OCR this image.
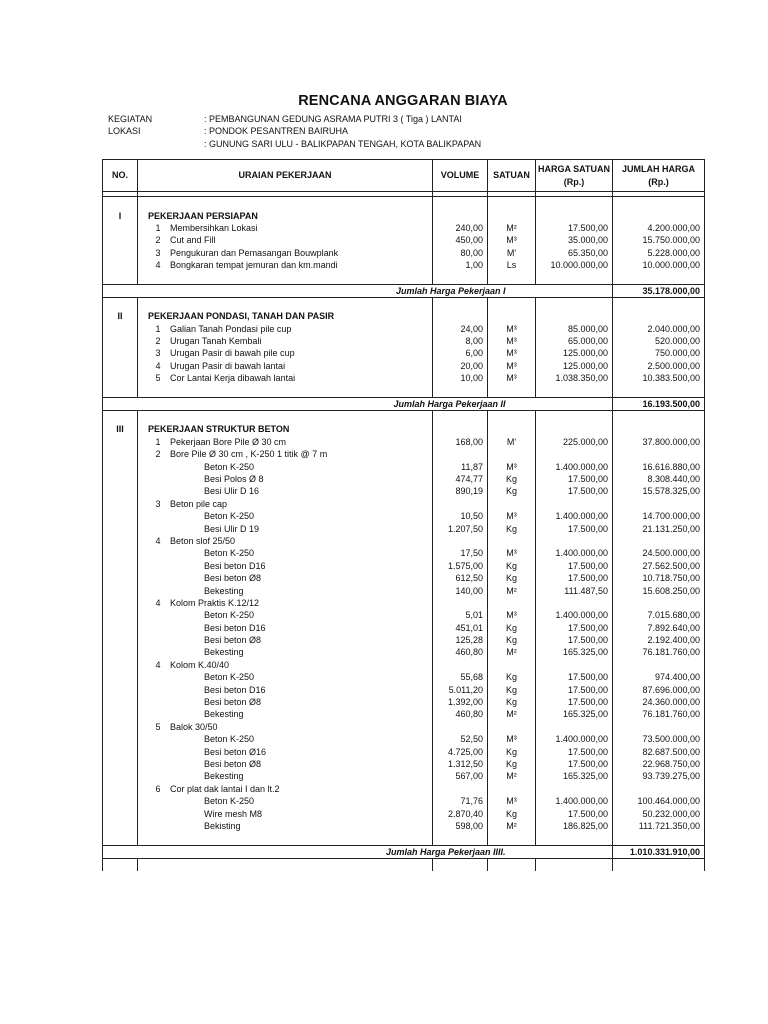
RENCANA ANGGARAN BIAYA
KEGIATAN	: PEMBANGUNAN GEDUNG ASRAMA PUTRI 3 ( Tiga ) LANTAI
LOKASI	: PONDOK PESANTREN BAIRUHA
: GUNUNG SARI ULU - BALIKPAPAN TENGAH, KOTA BALIKPAPAN
NO.	URAIAN PEKERJAAN	VOLUME	SATUAN	HARGA SATUAN (Rp.)	JUMLAH HARGA (Rp.)

I	PEKERJAAN PERSIAPAN				
	1 Membersihkan Lokasi	240,00	M²	17.500,00	4.200.000,00
	2 Cut and Fill	450,00	M³	35.000,00	15.750.000,00
	3 Pengukuran dan Pemasangan Bouwplank	80,00	M'	65.350,00	5.228.000,00
	4 Bongkaran tempat jemuran dan km.mandi	1,00	Ls	10.000.000,00	10.000.000,00

Jumlah Harga Pekerjaan I					35.178.000,00

II	PEKERJAAN PONDASI, TANAH DAN PASIR				
	1 Galian Tanah Pondasi pile cup	24,00	M³	85.000,00	2.040.000,00
	2 Urugan Tanah Kembali	8,00	M³	65.000,00	520.000,00
	3 Urugan Pasir di bawah pile cup	6,00	M³	125.000,00	750.000,00
	4 Urugan Pasir di bawah lantai	20,00	M³	125.000,00	2.500.000,00
	5 Cor Lantai Kerja dibawah lantai	10,00	M³	1.038.350,00	10.383.500,00

Jumlah Harga Pekerjaan II					16.193.500,00

III	PEKERJAAN STRUKTUR BETON				
	1 Pekerjaan Bore Pile Ø 30 cm	168,00	M'	225.000,00	37.800.000,00
	2 Bore Pile Ø 30 cm , K-250 1 titik @ 7 m				
	Beton K-250	11,87	M³	1.400.000,00	16.616.880,00
	Besi Polos Ø 8	474,77	Kg	17.500,00	8.308.440,00
	Besi Ulir D 16	890,19	Kg	17.500,00	15.578.325,00
	3 Beton pile cap				
	Beton K-250	10,50	M³	1.400.000,00	14.700.000,00
	Besi Ulir D 19	1.207,50	Kg	17.500,00	21.131.250,00
	4 Beton slof 25/50				
	Beton K-250	17,50	M³	1.400.000,00	24.500.000,00
	Besi beton D16	1.575,00	Kg	17.500,00	27.562.500,00
	Besi beton Ø8	612,50	Kg	17.500,00	10.718.750,00
	Bekesting	140,00	M²	111.487,50	15.608.250,00
	4 Kolom Praktis K.12/12				
	Beton K-250	5,01	M³	1.400.000,00	7.015.680,00
	Besi beton D16	451,01	Kg	17.500,00	7.892.640,00
	Besi beton Ø8	125,28	Kg	17.500,00	2.192.400,00
	Bekesting	460,80	M²	165.325,00	76.181.760,00
	4 Kolom K.40/40				
	Beton K-250	55,68	Kg	17.500,00	974.400,00
	Besi beton D16	5.011,20	Kg	17.500,00	87.696.000,00
	Besi beton Ø8	1.392,00	Kg	17.500,00	24.360.000,00
	Bekesting	460,80	M²	165.325,00	76.181.760,00
	5 Balok 30/50				
	Beton K-250	52,50	M³	1.400.000,00	73.500.000,00
	Besi beton Ø16	4.725,00	Kg	17.500,00	82.687.500,00
	Besi beton Ø8	1.312,50	Kg	17.500,00	22.968.750,00
	Bekesting	567,00	M²	165.325,00	93.739.275,00
	6 Cor plat dak lantai I dan lt.2				
	Beton K-250	71,76	M³	1.400.000,00	100.464.000,00
	Wire mesh M8	2.870,40	Kg	17.500,00	50.232.000,00
	Bekisting	598,00	M²	186.825,00	111.721.350,00

Jumlah Harga Pekerjaan IIII.					1.010.331.910,00
